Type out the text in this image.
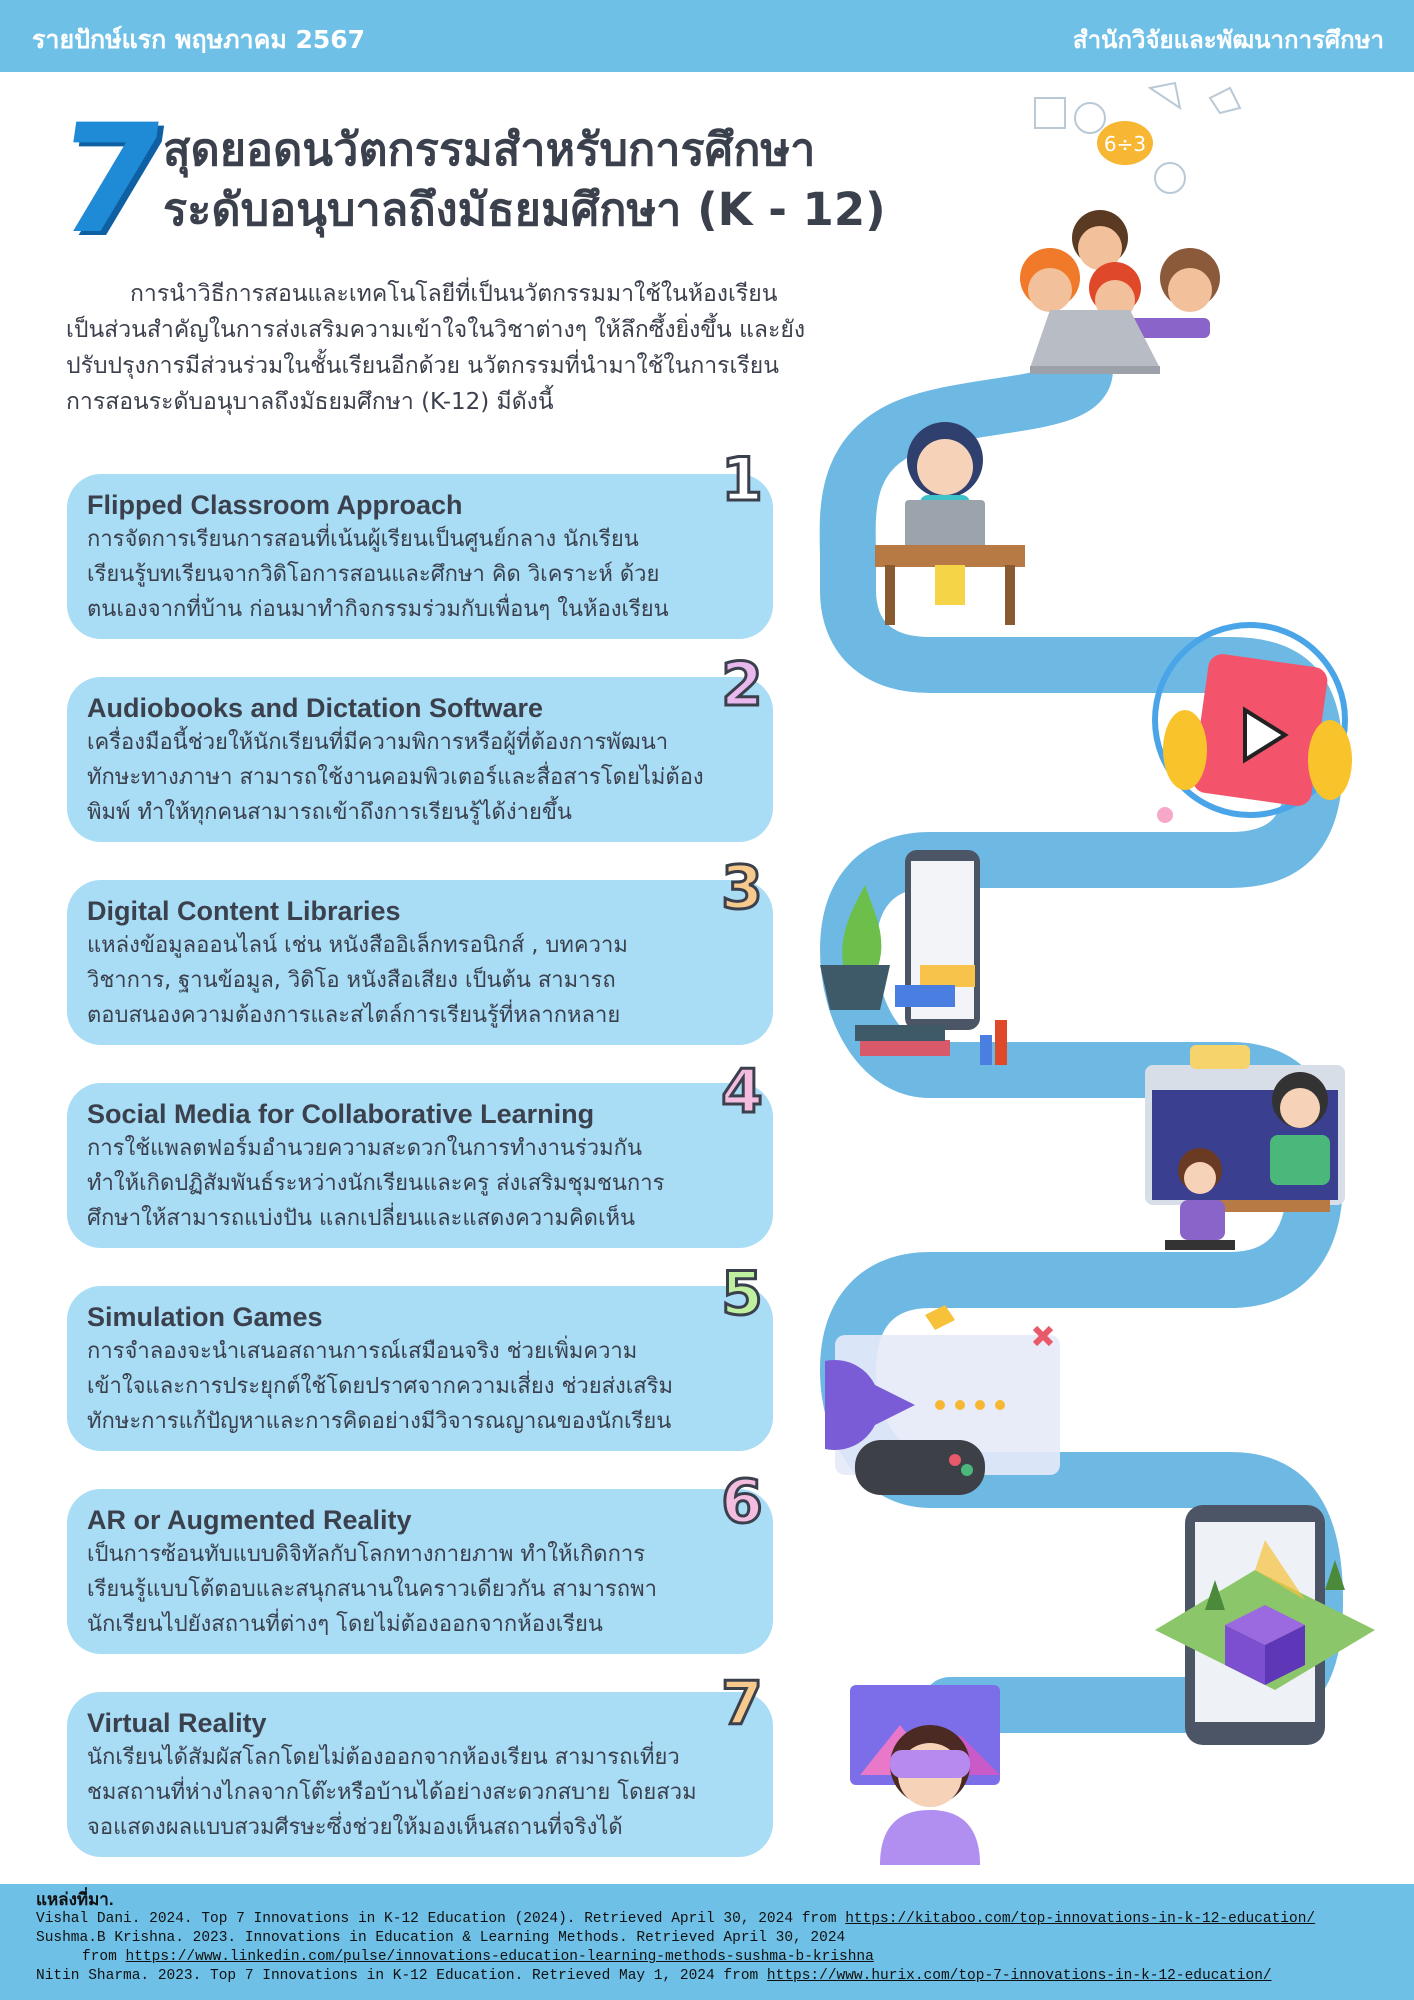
รายปักษ์แรก พฤษภาคม 2567	สำนักวิจัยและพัฒนาการศึกษา
7
สุดยอดนวัตกรรมสำหรับการศึกษา
ระดับอนุบาลถึงมัธยมศึกษา (K - 12)
การนำวิธีการสอนและเทคโนโลยีที่เป็นนวัตกรรมมาใช้ในห้องเรียน เป็นส่วนสำคัญในการส่งเสริมความเข้าใจในวิชาต่างๆ ให้ลึกซึ้งยิ่งขึ้น และยังปรับปรุงการมีส่วนร่วมในชั้นเรียนอีกด้วย นวัตกรรมที่นำมาใช้ในการเรียนการสอนระดับอนุบาลถึงมัธยมศึกษา (K-12) มีดังนี้
6÷3
Flipped Classroom Approach
การจัดการเรียนการสอนที่เน้นผู้เรียนเป็นศูนย์กลาง นักเรียน
เรียนรู้บทเรียนจากวิดิโอการสอนและศึกษา คิด วิเคราะห์ ด้วย
ตนเองจากที่บ้าน ก่อนมาทำกิจกรรมร่วมกับเพื่อนๆ ในห้องเรียน
1
Audiobooks and Dictation Software
เครื่องมือนี้ช่วยให้นักเรียนที่มีความพิการหรือผู้ที่ต้องการพัฒนา
ทักษะทางภาษา สามารถใช้งานคอมพิวเตอร์และสื่อสารโดยไม่ต้อง
พิมพ์ ทำให้ทุกคนสามารถเข้าถึงการเรียนรู้ได้ง่ายขึ้น
2
Digital Content Libraries
แหล่งข้อมูลออนไลน์ เช่น หนังสืออิเล็กทรอนิกส์ , บทความ
วิชาการ, ฐานข้อมูล, วิดิโอ หนังสือเสียง เป็นต้น สามารถ
ตอบสนองความต้องการและสไตล์การเรียนรู้ที่หลากหลาย
3
Social Media for Collaborative Learning
การใช้แพลตฟอร์มอำนวยความสะดวกในการทำงานร่วมกัน
ทำให้เกิดปฏิสัมพันธ์ระหว่างนักเรียนและครู ส่งเสริมชุมชนการ
ศึกษาให้สามารถแบ่งปัน แลกเปลี่ยนและแสดงความคิดเห็น
4
Simulation Games
การจำลองจะนำเสนอสถานการณ์เสมือนจริง ช่วยเพิ่มความ
เข้าใจและการประยุกต์ใช้โดยปราศจากความเสี่ยง ช่วยส่งเสริม
ทักษะการแก้ปัญหาและการคิดอย่างมีวิจารณญาณของนักเรียน
5
AR or Augmented Reality
เป็นการซ้อนทับแบบดิจิทัลกับโลกทางกายภาพ ทำให้เกิดการ
เรียนรู้แบบโต้ตอบและสนุกสนานในคราวเดียวกัน สามารถพา
นักเรียนไปยังสถานที่ต่างๆ โดยไม่ต้องออกจากห้องเรียน
6
Virtual Reality
นักเรียนได้สัมผัสโลกโดยไม่ต้องออกจากห้องเรียน สามารถเที่ยว
ชมสถานที่ห่างไกลจากโต๊ะหรือบ้านได้อย่างสะดวกสบาย โดยสวม
จอแสดงผลแบบสวมศีรษะซึ่งช่วยให้มองเห็นสถานที่จริงได้
7
แหล่งที่มา.
Vishal Dani. 2024. Top 7 Innovations in K-12 Education (2024). Retrieved April 30, 2024 from https://kitaboo.com/top-innovations-in-k-12-education/
Sushma.B Krishna. 2023. Innovations in Education & Learning Methods. Retrieved April 30, 2024
from https://www.linkedin.com/pulse/innovations-education-learning-methods-sushma-b-krishna
Nitin Sharma. 2023. Top 7 Innovations in K-12 Education. Retrieved May 1, 2024 from https://www.hurix.com/top-7-innovations-in-k-12-education/
